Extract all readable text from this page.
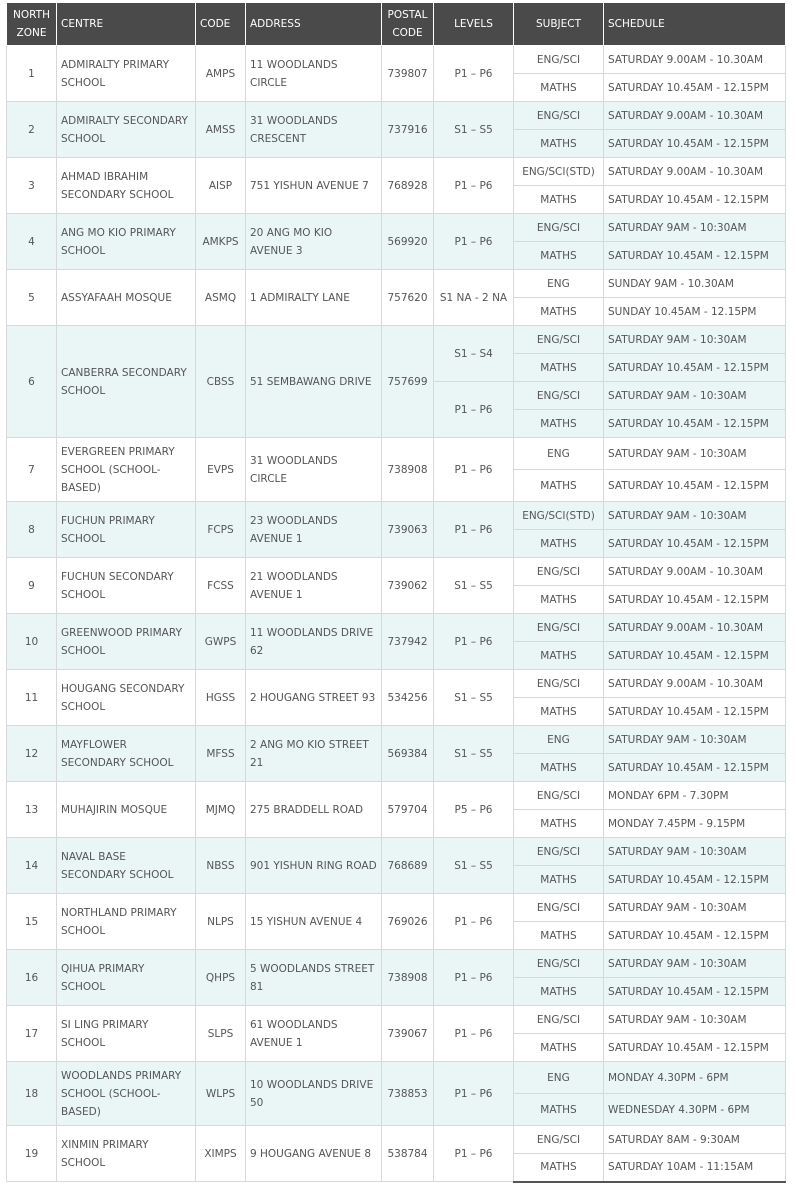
NORTH ZONE	CENTRE	CODE	ADDRESS	POSTAL CODE	LEVELS	SUBJECT	SCHEDULE
1	ADMIRALTY PRIMARY SCHOOL	AMPS	11 WOODLANDS CIRCLE	739807	P1 – P6	ENG/SCI	SATURDAY 9.00AM - 10.30AM
						MATHS	SATURDAY 10.45AM - 12.15PM
2	ADMIRALTY SECONDARY SCHOOL	AMSS	31 WOODLANDS CRESCENT	737916	S1 – S5	ENG/SCI	SATURDAY 9.00AM - 10.30AM
						MATHS	SATURDAY 10.45AM - 12.15PM
3	AHMAD IBRAHIM SECONDARY SCHOOL	AISP	751 YISHUN AVENUE 7	768928	P1 – P6	ENG/SCI(STD)	SATURDAY 9.00AM - 10.30AM
						MATHS	SATURDAY 10.45AM - 12.15PM
4	ANG MO KIO PRIMARY SCHOOL	AMKPS	20 ANG MO KIO AVENUE 3	569920	P1 – P6	ENG/SCI	SATURDAY 9AM - 10:30AM
						MATHS	SATURDAY 10.45AM - 12.15PM
5	ASSYAFAAH MOSQUE	ASMQ	1 ADMIRALTY LANE	757620	S1 NA - 2 NA	ENG	SUNDAY 9AM - 10.30AM
						MATHS	SUNDAY 10.45AM - 12.15PM
6	CANBERRA SECONDARY SCHOOL	CBSS	51 SEMBAWANG DRIVE	757699	S1 – S4	ENG/SCI	SATURDAY 9AM - 10:30AM
						MATHS	SATURDAY 10.45AM - 12.15PM
					P1 – P6	ENG/SCI	SATURDAY 9AM - 10:30AM
						MATHS	SATURDAY 10.45AM - 12.15PM
7	EVERGREEN PRIMARY SCHOOL (SCHOOL-BASED)	EVPS	31 WOODLANDS CIRCLE	738908	P1 – P6	ENG	SATURDAY 9AM - 10:30AM
						MATHS	SATURDAY 10.45AM - 12.15PM
8	FUCHUN PRIMARY SCHOOL	FCPS	23 WOODLANDS AVENUE 1	739063	P1 – P6	ENG/SCI(STD)	SATURDAY 9AM - 10:30AM
						MATHS	SATURDAY 10.45AM - 12.15PM
9	FUCHUN SECONDARY SCHOOL	FCSS	21 WOODLANDS AVENUE 1	739062	S1 – S5	ENG/SCI	SATURDAY 9.00AM - 10.30AM
						MATHS	SATURDAY 10.45AM - 12.15PM
10	GREENWOOD PRIMARY SCHOOL	GWPS	11 WOODLANDS DRIVE 62	737942	P1 – P6	ENG/SCI	SATURDAY 9.00AM - 10.30AM
						MATHS	SATURDAY 10.45AM - 12.15PM
11	HOUGANG SECONDARY SCHOOL	HGSS	2 HOUGANG STREET 93	534256	S1 – S5	ENG/SCI	SATURDAY 9.00AM - 10.30AM
						MATHS	SATURDAY 10.45AM - 12.15PM
12	MAYFLOWER SECONDARY SCHOOL	MFSS	2 ANG MO KIO STREET 21	569384	S1 – S5	ENG	SATURDAY 9AM - 10:30AM
						MATHS	SATURDAY 10.45AM - 12.15PM
13	MUHAJIRIN MOSQUE	MJMQ	275 BRADDELL ROAD	579704	P5 – P6	ENG/SCI	MONDAY 6PM - 7.30PM
						MATHS	MONDAY 7.45PM - 9.15PM
14	NAVAL BASE SECONDARY SCHOOL	NBSS	901 YISHUN RING ROAD	768689	S1 – S5	ENG/SCI	SATURDAY 9AM - 10:30AM
						MATHS	SATURDAY 10.45AM - 12.15PM
15	NORTHLAND PRIMARY SCHOOL	NLPS	15 YISHUN AVENUE 4	769026	P1 – P6	ENG/SCI	SATURDAY 9AM - 10:30AM
						MATHS	SATURDAY 10.45AM - 12.15PM
16	QIHUA PRIMARY SCHOOL	QHPS	5 WOODLANDS STREET 81	738908	P1 – P6	ENG/SCI	SATURDAY 9AM - 10:30AM
						MATHS	SATURDAY 10.45AM - 12.15PM
17	SI LING PRIMARY SCHOOL	SLPS	61 WOODLANDS AVENUE 1	739067	P1 – P6	ENG/SCI	SATURDAY 9AM - 10:30AM
						MATHS	SATURDAY 10.45AM - 12.15PM
18	WOODLANDS PRIMARY SCHOOL (SCHOOL-BASED)	WLPS	10 WOODLANDS DRIVE 50	738853	P1 – P6	ENG	MONDAY 4.30PM - 6PM
						MATHS	WEDNESDAY 4.30PM - 6PM
19	XINMIN PRIMARY SCHOOL	XIMPS	9 HOUGANG AVENUE 8	538784	P1 – P6	ENG/SCI	SATURDAY 8AM - 9:30AM
						MATHS	SATURDAY 10AM - 11:15AM
